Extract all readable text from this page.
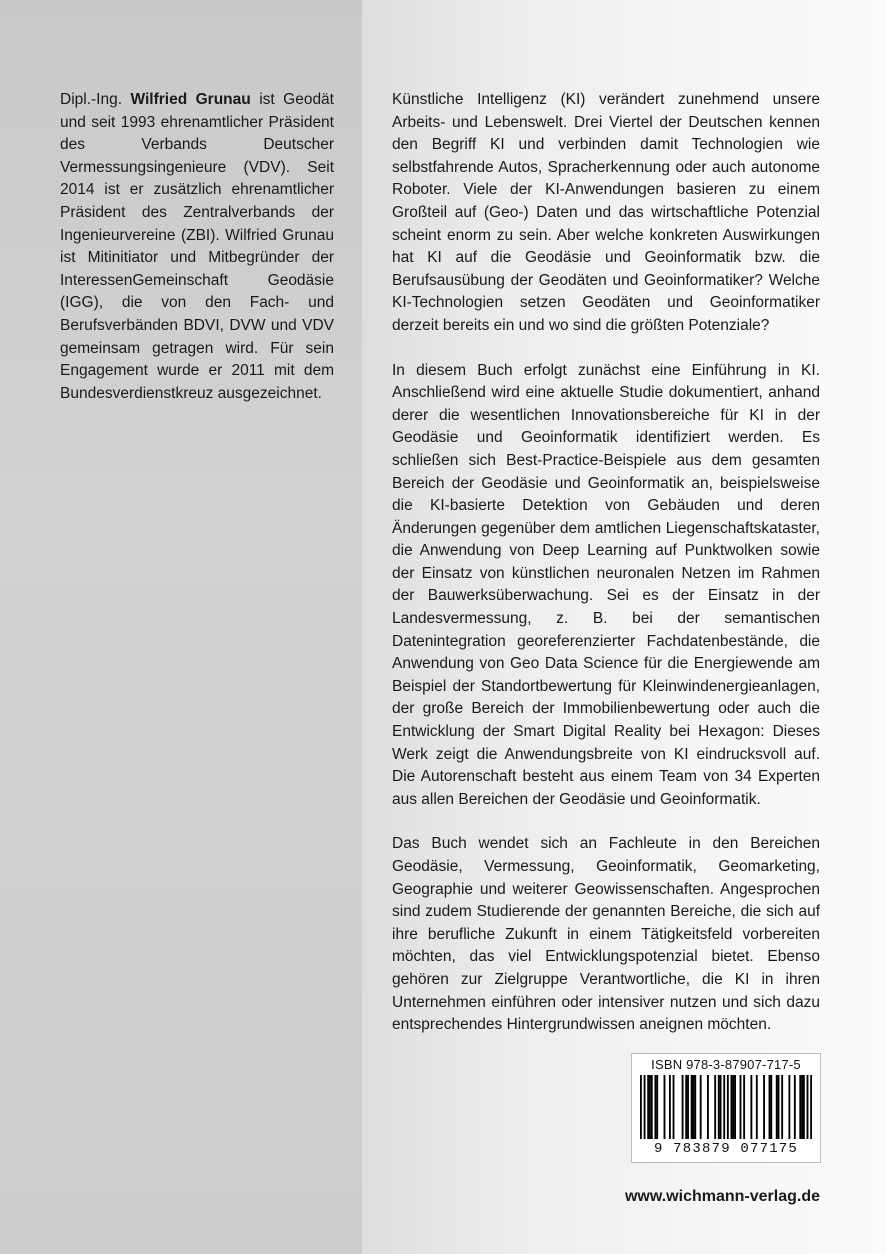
Dipl.-Ing. Wilfried Grunau ist Geodät und seit 1993 ehrenamtlicher Präsident des Verbands Deutscher Vermessungsingenieure (VDV). Seit 2014 ist er zusätzlich ehrenamtlicher Präsident des Zentralverbands der Ingenieurvereine (ZBI). Wilfried Grunau ist Mitinitiator und Mitbegründer der InteressenGemeinschaft Geodäsie (IGG), die von den Fach- und Berufsverbänden BDVI, DVW und VDV gemeinsam getragen wird. Für sein Engagement wurde er 2011 mit dem Bundesverdienstkreuz ausgezeichnet.

Künstliche Intelligenz (KI) verändert zunehmend unsere Arbeits- und Lebenswelt. Drei Viertel der Deutschen kennen den Begriff KI und verbinden damit Technologien wie selbstfahrende Autos, Spracherkennung oder auch autonome Roboter. Viele der KI-Anwendungen basieren zu einem Großteil auf (Geo-) Daten und das wirtschaftliche Potenzial scheint enorm zu sein. Aber welche konkreten Auswirkungen hat KI auf die Geodäsie und Geoinformatik bzw. die Berufsausübung der Geodäten und Geoinformatiker? Welche KI-Technologien setzen Geodäten und Geoinformatiker derzeit bereits ein und wo sind die größten Potenziale?

In diesem Buch erfolgt zunächst eine Einführung in KI. Anschließend wird eine aktuelle Studie dokumentiert, anhand derer die wesentlichen Innovationsbereiche für KI in der Geodäsie und Geoinformatik identifiziert werden. Es schließen sich Best-Practice-Beispiele aus dem gesamten Bereich der Geodäsie und Geoinformatik an, beispielsweise die KI-basierte Detektion von Gebäuden und deren Änderungen gegenüber dem amtlichen Liegenschaftskataster, die Anwendung von Deep Learning auf Punktwolken sowie der Einsatz von künstlichen neuronalen Netzen im Rahmen der Bauwerksüberwachung. Sei es der Einsatz in der Landesvermessung, z. B. bei der semantischen Datenintegration georeferenzierter Fachdatenbestände, die Anwendung von Geo Data Science für die Energiewende am Beispiel der Standortbewertung für Kleinwindenergieanlagen, der große Bereich der Immobilienbewertung oder auch die Entwicklung der Smart Digital Reality bei Hexagon: Dieses Werk zeigt die Anwendungsbreite von KI eindrucksvoll auf. Die Autorenschaft besteht aus einem Team von 34 Experten aus allen Bereichen der Geodäsie und Geoinformatik.

Das Buch wendet sich an Fachleute in den Bereichen Geodäsie, Vermessung, Geoinformatik, Geomarketing, Geographie und weiterer Geowissenschaften. Angesprochen sind zudem Studierende der genannten Bereiche, die sich auf ihre berufliche Zukunft in einem Tätigkeitsfeld vorbereiten möchten, das viel Entwicklungspotenzial bietet. Ebenso gehören zur Zielgruppe Verantwortliche, die KI in ihren Unternehmen einführen oder intensiver nutzen und sich dazu entsprechendes Hintergrundwissen aneignen möchten.

ISBN 978-3-87907-717-5
9 783879 077175
www.wichmann-verlag.de
